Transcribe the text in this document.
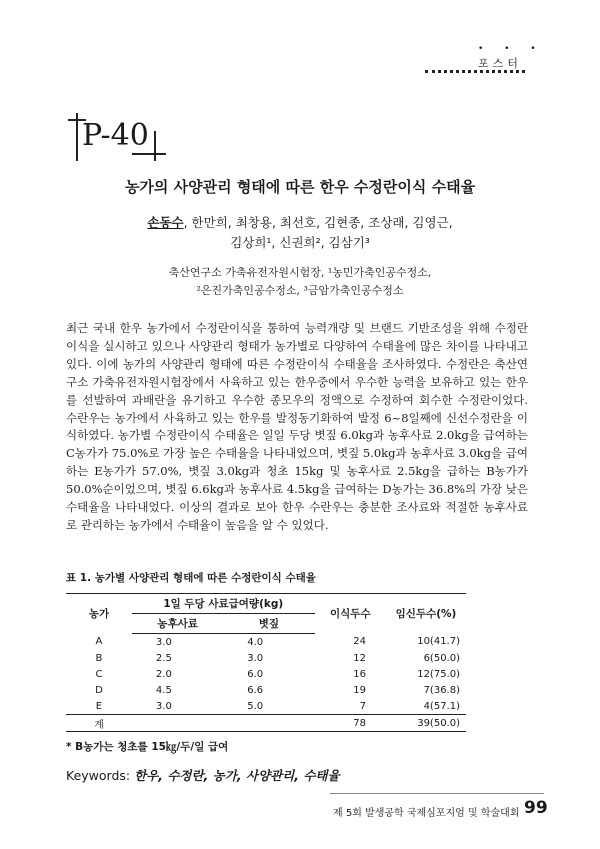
• • •
포스터
P-40
농가의 사양관리 형태에 따른 한우 수정란이식 수태율
손동수, 한만희, 최창용, 최선호, 김현종, 조상래, 김영근,
김상희¹, 신권희², 김삼기³
축산연구소 가축유전자원시험장, ¹농민가축인공수정소,
²은진가축인공수정소, ³금암가축인공수정소
최근 국내 한우 농가에서 수정란이식을 통하여 능력개량 및 브랜드 기반조성을 위해 수정란이식을 실시하고 있으나 사양관리 형태가 농가별로 다양하여 수태율에 많은 차이를 나타내고 있다. 이에 농가의 사양관리 형태에 따른 수정란이식 수태율을 조사하였다. 수정란은 축산연구소 가축유전자원시험장에서 사육하고 있는 한우중에서 우수한 능력을 보유하고 있는 한우를 선발하여 과배란을 유기하고 우수한 종모우의 정액으로 수정하여 회수한 수정란이었다. 수란우는 농가에서 사육하고 있는 한우를 발정동기화하여 발정 6~8일째에 신선수정란을 이식하였다. 농가별 수정란이식 수태율은 일일 두당 볏짚 6.0kg과 농후사료 2.0kg을 급여하는 C농가가 75.0%로 가장 높은 수태율을 나타내었으며, 볏짚 5.0kg과 농후사료 3.0kg을 급여하는 E농가가 57.0%, 볏짚 3.0kg과 청초 15kg 및 농후사료 2.5kg을 급하는 B농가가 50.0%순이었으며, 볏짚 6.6kg과 농후사료 4.5kg을 급여하는 D농가는 36.8%의 가장 낮은 수태율을 나타내었다. 이상의 결과로 보아 한우 수란우는 충분한 조사료와 적절한 농후사료로 관리하는 농가에서 수태율이 높음을 알 수 있었다.
표 1. 농가별 사양관리 형태에 따른 수정란이식 수태율
농가	1일 두당 사료급여량(kg)		이식두수	임신두수(%)
	농후사료	볏짚		
A	3.0	4.0	24	10(41.7)
B	2.5	3.0	12	6(50.0)
C	2.0	6.0	16	12(75.0)
D	4.5	6.6	19	7(36.8)
E	3.0	5.0	7	4(57.1)
계			78	39(50.0)
* B농가는 청초를 15㎏/두/일 급여
Keywords: 한우, 수정란, 농가, 사양관리, 수태율
제 5회 발생공학 국제심포지엄 및 학술대회 99
